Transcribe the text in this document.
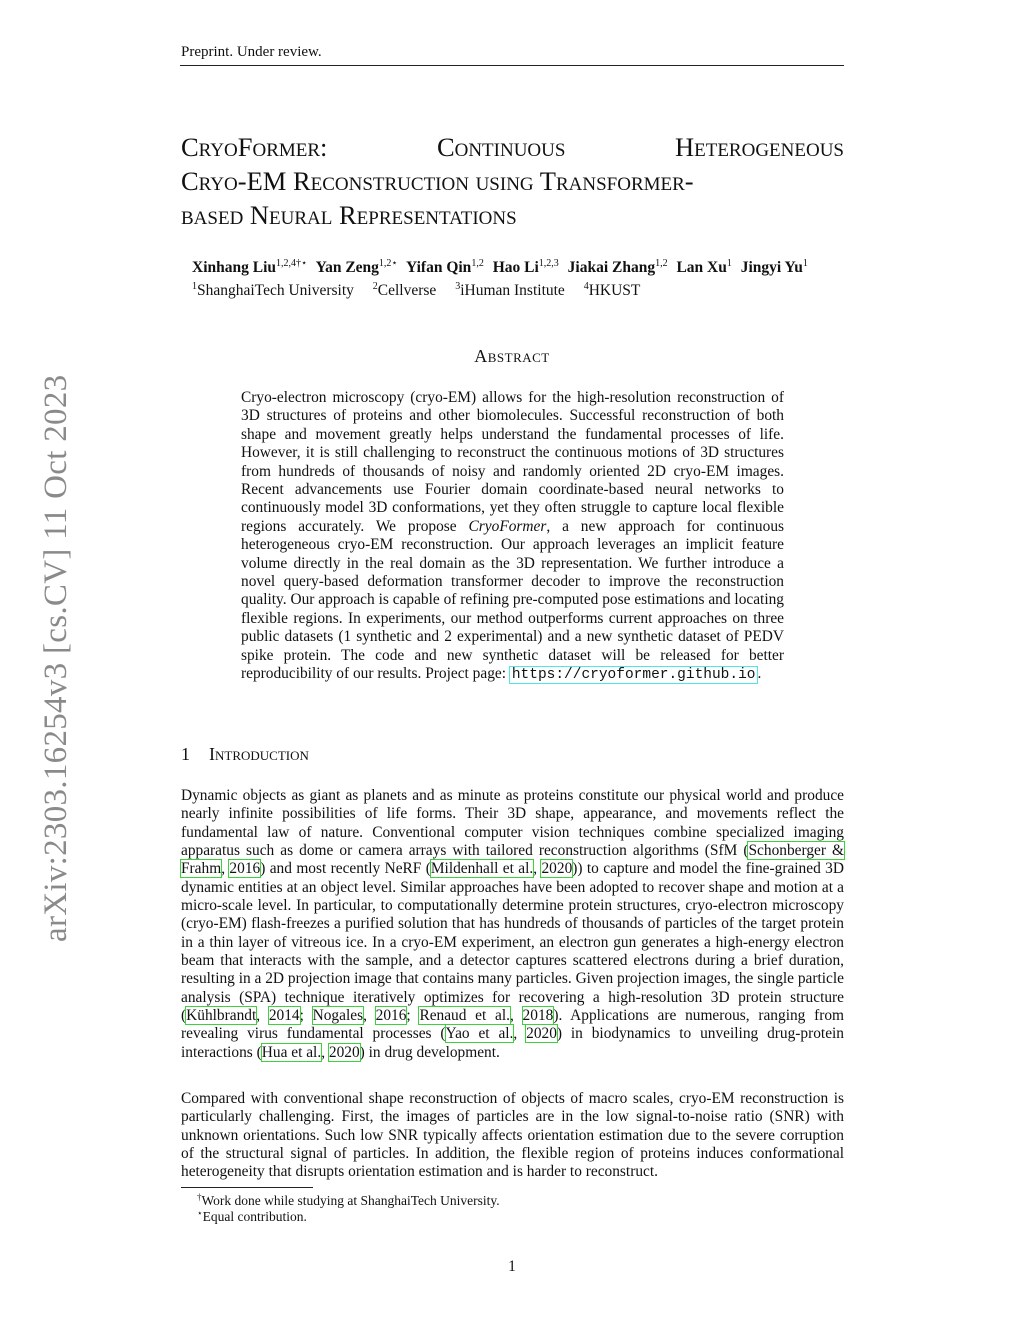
Preprint. Under review.
arXiv:2303.16254v3 [cs.CV] 11 Oct 2023
CryoFormer:	Continuous	Heterogeneous
Cryo-EM Reconstruction using Transformer-
based Neural Representations
Xinhang Liu$^{1,2,4\dagger⋆}$ Yan Zeng$^{1,2⋆}$ Yifan Qin$^{1,2}$ Hao Li$^{1,2,3}$ Jiakai Zhang$^{1,2}$ Lan Xu$^1$ Jingyi Yu$^1$
$^1$ShanghaiTech University $^2$Cellverse $^3$iHuman Institute $^4$HKUST
Abstract
Cryo-electron microscopy (cryo-EM) allows for the high-resolution reconstruction of 3D structures of proteins and other biomolecules. Successful reconstruction of both shape and movement greatly helps understand the fundamental processes of life. However, it is still challenging to reconstruct the continuous motions of 3D structures from hundreds of thousands of noisy and randomly oriented 2D cryo-EM images. Recent advancements use Fourier domain coordinate-based neural networks to continuously model 3D conformations, yet they often struggle to capture local flexible regions accurately. We propose CryoFormer, a new approach for continuous heterogeneous cryo-EM reconstruction. Our approach leverages an implicit feature volume directly in the real domain as the 3D representation. We further introduce a novel query-based deformation transformer decoder to improve the reconstruction quality. Our approach is capable of refining pre-computed pose estimations and locating flexible regions. In experiments, our method outperforms current approaches on three public datasets (1 synthetic and 2 experimental) and a new synthetic dataset of PEDV spike protein. The code and new synthetic dataset will be released for better reproducibility of our results. Project page: https://cryoformer.github.io .
1 Introduction

Dynamic objects as giant as planets and as minute as proteins constitute our physical world and produce nearly infinite possibilities of life forms. Their 3D shape, appearance, and movements reflect the fundamental law of nature. Conventional computer vision techniques combine specialized imaging apparatus such as dome or camera arrays with tailored reconstruction algorithms (SfM (Schonberger & Frahm, 2016) and most recently NeRF (Mildenhall et al., 2020)) to capture and model the fine-grained 3D dynamic entities at an object level. Similar approaches have been adopted to recover shape and motion at a micro-scale level. In particular, to computationally determine protein structures, cryo-electron microscopy (cryo-EM) flash-freezes a purified solution that has hundreds of thousands of particles of the target protein in a thin layer of vitreous ice. In a cryo-EM experiment, an electron gun generates a high-energy electron beam that interacts with the sample, and a detector captures scattered electrons during a brief duration, resulting in a 2D projection image that contains many particles. Given projection images, the single particle analysis (SPA) technique iteratively optimizes for recovering a high-resolution 3D protein structure (Kühlbrandt, 2014; Nogales, 2016; Renaud et al., 2018). Applications are numerous, ranging from revealing virus fundamental processes (Yao et al., 2020) in biodynamics to unveiling drug-protein interactions (Hua et al., 2020) in drug development.

Compared with conventional shape reconstruction of objects of macro scales, cryo-EM reconstruction is particularly challenging. First, the images of particles are in the low signal-to-noise ratio (SNR) with unknown orientations. Such low SNR typically affects orientation estimation due to the severe corruption of the structural signal of particles. In addition, the flexible region of proteins induces conformational heterogeneity that disrupts orientation estimation and is harder to reconstruct.

†Work done while studying at ShanghaiTech University.
⋆Equal contribution.
1
